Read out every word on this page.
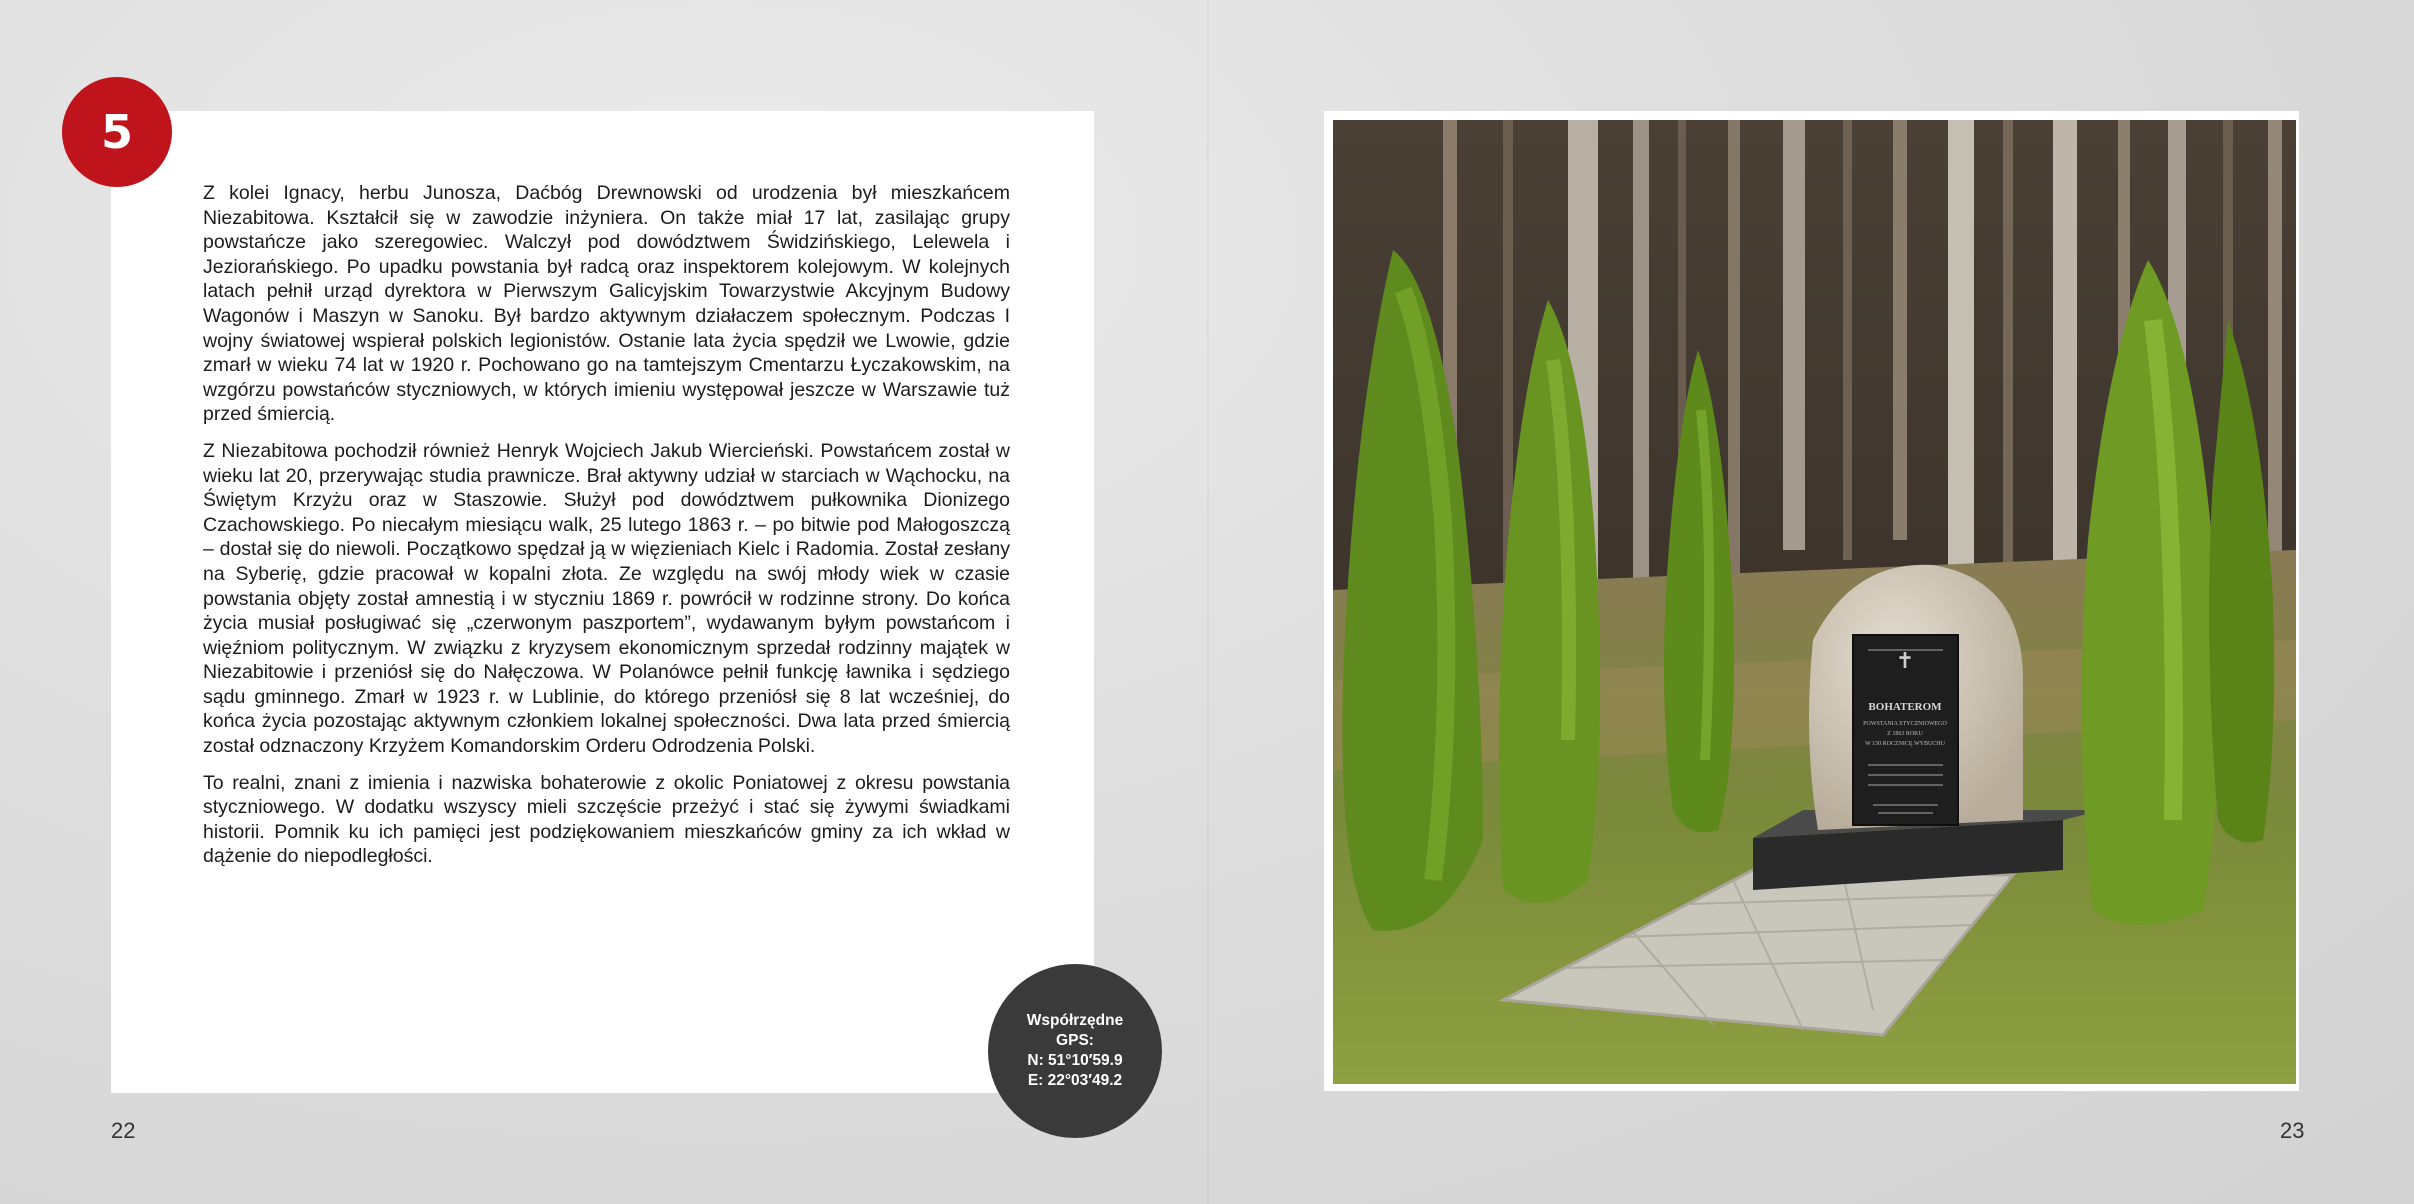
5

Z kolei Ignacy, herbu Junosza, Daćbóg Drewnowski od urodzenia był mieszkańcem Niezabitowa. Kształcił się w zawodzie inżyniera. On także miał 17 lat, zasilając grupy powstańcze jako szeregowiec. Walczył pod dowództwem Świdzińskiego, Lelewela i Jeziorańskiego. Po upadku powstania był radcą oraz inspektorem kolejowym. W kolejnych latach pełnił urząd dyrektora w Pierwszym Galicyjskim Towarzystwie Akcyjnym Budowy Wagonów i Maszyn w Sanoku. Był bardzo aktywnym działaczem społecznym. Podczas I wojny światowej wspierał polskich legionistów. Ostanie lata życia spędził we Lwowie, gdzie zmarł w wieku 74 lat w 1920 r. Pochowano go na tamtejszym Cmentarzu Łyczakowskim, na wzgórzu powstańców styczniowych, w których imieniu występował jeszcze w Warszawie tuż przed śmiercią.

Z Niezabitowa pochodził również Henryk Wojciech Jakub Wiercieński. Powstańcem został w wieku lat 20, przerywając studia prawnicze. Brał aktywny udział w starciach w Wąchocku, na Świętym Krzyżu oraz w Staszowie. Służył pod dowództwem pułkownika Dionizego Czachowskiego. Po niecałym miesiącu walk, 25 lutego 1863 r. – po bitwie pod Małogoszczą – dostał się do niewoli. Początkowo spędzał ją w więzieniach Kielc i Radomia. Został zesłany na Syberię, gdzie pracował w kopalni złota. Ze względu na swój młody wiek w czasie powstania objęty został amnestią i w styczniu 1869 r. powrócił w rodzinne strony. Do końca życia musiał posługiwać się „czerwonym paszportem”, wydawanym byłym powstańcom i więźniom politycznym. W związku z kryzysem ekonomicznym sprzedał rodzinny majątek w Niezabitowie i przeniósł się do Nałęczowa. W Polanówce pełnił funkcję ławnika i sędziego sądu gminnego. Zmarł w 1923 r. w Lublinie, do którego przeniósł się 8 lat wcześniej, do końca życia pozostając aktywnym członkiem lokalnej społeczności. Dwa lata przed śmiercią został odznaczony Krzyżem Komandorskim Orderu Odrodzenia Polski.

To realni, znani z imienia i nazwiska bohaterowie z okolic Poniatowej z okresu powstania styczniowego. W dodatku wszyscy mieli szczęście przeżyć i stać się żywymi świadkami historii. Pomnik ku ich pamięci jest podziękowaniem mieszkańców gminy za ich wkład w dążenie do niepodległości.

Współrzędne
GPS:
N: 51°10′59.9
E: 22°03′49.2
22	23
✝
BOHATEROM
POWSTANIA STYCZNIOWEGO
Z 1863 ROKU
W 150 ROCZNICĘ WYBUCHU
